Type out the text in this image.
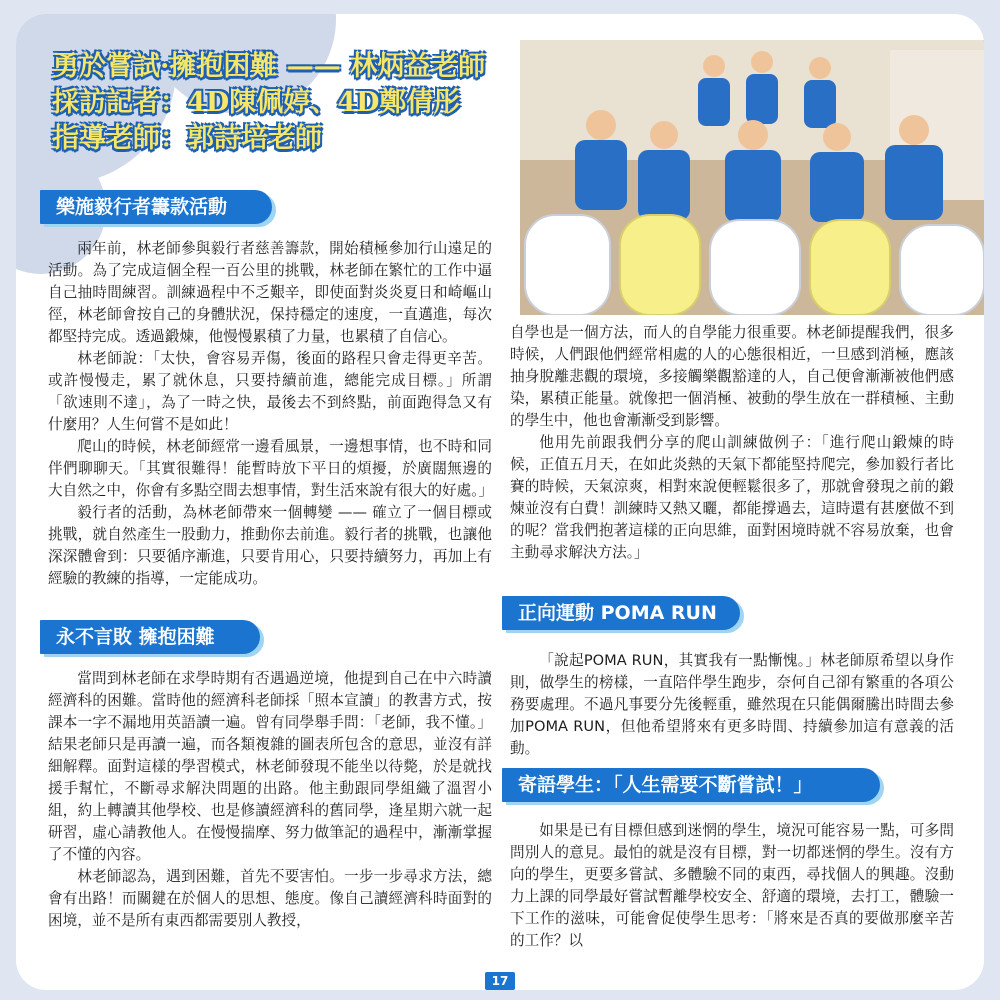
勇於嘗試·擁抱困難 —— 林炳益老師
採訪記者：4D陳佩婷、4D鄭倩彤
指導老師：郭詩培老師
樂施毅行者籌款活動

兩年前，林老師參與毅行者慈善籌款，開始積極參加行山遠足的活動。為了完成這個全程一百公里的挑戰，林老師在繁忙的工作中逼自己抽時間練習。訓練過程中不乏艱辛，即使面對炎炎夏日和崎嶇山徑，林老師會按自己的身體狀況，保持穩定的速度，一直邁進，每次都堅持完成。透過鍛煉，他慢慢累積了力量，也累積了自信心。

林老師說：「太快，會容易弄傷，後面的路程只會走得更辛苦。或許慢慢走，累了就休息，只要持續前進，總能完成目標。」所謂「欲速則不達」，為了一時之快，最後去不到終點，前面跑得急又有什麼用？人生何嘗不是如此！

爬山的時候，林老師經常一邊看風景，一邊想事情，也不時和同伴們聊聊天。「其實很難得！能暫時放下平日的煩擾，於廣闊無邊的大自然之中，你會有多點空間去想事情，對生活來說有很大的好處。」

毅行者的活動，為林老師帶來一個轉變 —— 確立了一個目標或挑戰，就自然產生一股動力，推動你去前進。毅行者的挑戰，也讓他深深體會到：只要循序漸進，只要肯用心，只要持續努力，再加上有經驗的教練的指導，一定能成功。

永不言敗 擁抱困難

當問到林老師在求學時期有否遇過逆境，他提到自己在中六時讀經濟科的困難。當時他的經濟科老師採「照本宣讀」的教書方式，按課本一字不漏地用英語讀一遍。曾有同學舉手問：「老師，我不懂。」結果老師只是再讀一遍，而各類複雜的圖表所包含的意思，並沒有詳細解釋。面對這樣的學習模式，林老師發現不能坐以待斃，於是就找援手幫忙，不斷尋求解決問題的出路。他主動跟同學組織了溫習小組，約上轉讀其他學校、也是修讀經濟科的舊同學，逢星期六就一起研習，虛心請教他人。在慢慢揣摩、努力做筆記的過程中，漸漸掌握了不懂的內容。

林老師認為，遇到困難，首先不要害怕。一步一步尋求方法，總會有出路！而關鍵在於個人的思想、態度。像自己讀經濟科時面對的困境，並不是所有東西都需要別人教授，

自學也是一個方法，而人的自學能力很重要。林老師提醒我們，很多時候，人們跟他們經常相處的人的心態很相近，一旦感到消極，應該抽身脫離悲觀的環境，多接觸樂觀豁達的人，自己便會漸漸被他們感染，累積正能量。就像把一個消極、被動的學生放在一群積極、主動的學生中，他也會漸漸受到影響。

他用先前跟我們分享的爬山訓練做例子：「進行爬山鍛煉的時候，正值五月天，在如此炎熱的天氣下都能堅持爬完，參加毅行者比賽的時候，天氣涼爽，相對來說便輕鬆很多了，那就會發現之前的鍛煉並沒有白費！訓練時又熱又曬，都能撐過去，這時還有甚麼做不到的呢？當我們抱著這樣的正向思維，面對困境時就不容易放棄，也會主動尋求解決方法。」

正向運動 POMA RUN

「說起POMA RUN，其實我有一點慚愧。」林老師原希望以身作則，做學生的榜樣，一直陪伴學生跑步，奈何自己卻有繁重的各項公務要處理。不過凡事要分先後輕重，雖然現在只能偶爾騰出時間去參加POMA RUN，但他希望將來有更多時間、持續參加這有意義的活動。

寄語學生：「人生需要不斷嘗試！」

如果是已有目標但感到迷惘的學生，境況可能容易一點，可多問問別人的意見。最怕的就是沒有目標，對一切都迷惘的學生。沒有方向的學生，更要多嘗試、多體驗不同的東西，尋找個人的興趣。沒動力上課的同學最好嘗試暫離學校安全、舒適的環境，去打工，體驗一下工作的滋味，可能會促使學生思考：「將來是否真的要做那麼辛苦的工作？以

17
